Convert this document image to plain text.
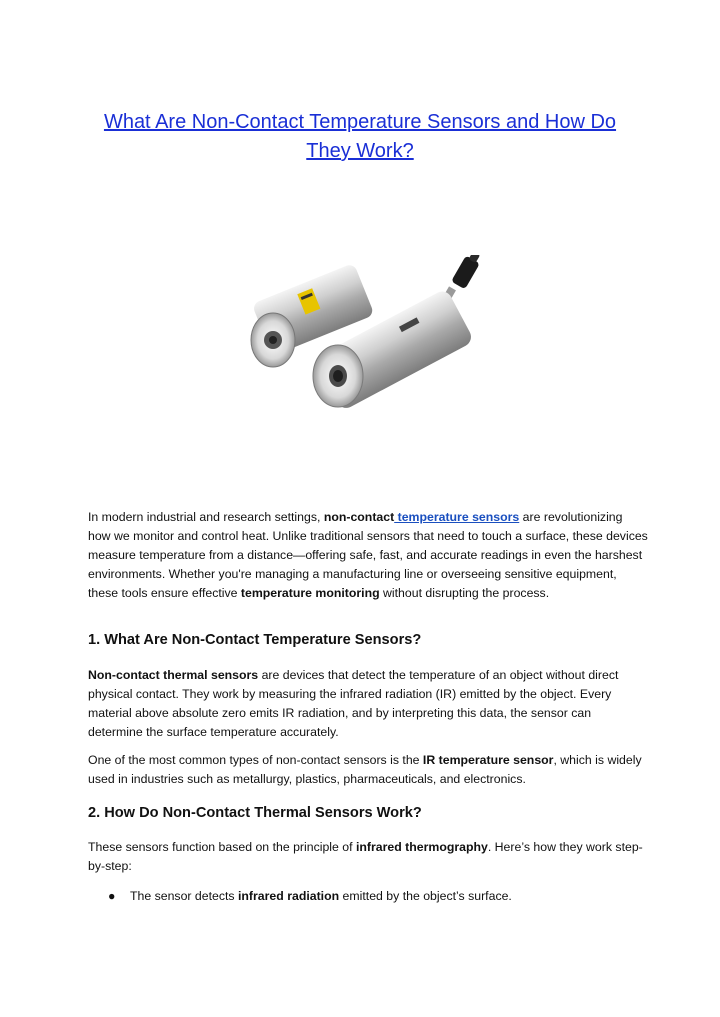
What Are Non-Contact Temperature Sensors and How Do
They Work?

In modern industrial and research settings, non-contact temperature sensors are revolutionizing how we monitor and control heat. Unlike traditional sensors that need to touch a surface, these devices measure temperature from a distance—offering safe, fast, and accurate readings in even the harshest environments. Whether you're managing a manufacturing line or overseeing sensitive equipment, these tools ensure effective temperature monitoring without disrupting the process.

1. What Are Non-Contact Temperature Sensors?

Non-contact thermal sensors are devices that detect the temperature of an object without direct physical contact. They work by measuring the infrared radiation (IR) emitted by the object. Every material above absolute zero emits IR radiation, and by interpreting this data, the sensor can determine the surface temperature accurately.

One of the most common types of non-contact sensors is the IR temperature sensor, which is widely used in industries such as metallurgy, plastics, pharmaceuticals, and electronics.

2. How Do Non-Contact Thermal Sensors Work?

These sensors function based on the principle of infrared thermography. Here’s how they work step-by-step:

● The sensor detects infrared radiation emitted by the object’s surface.
